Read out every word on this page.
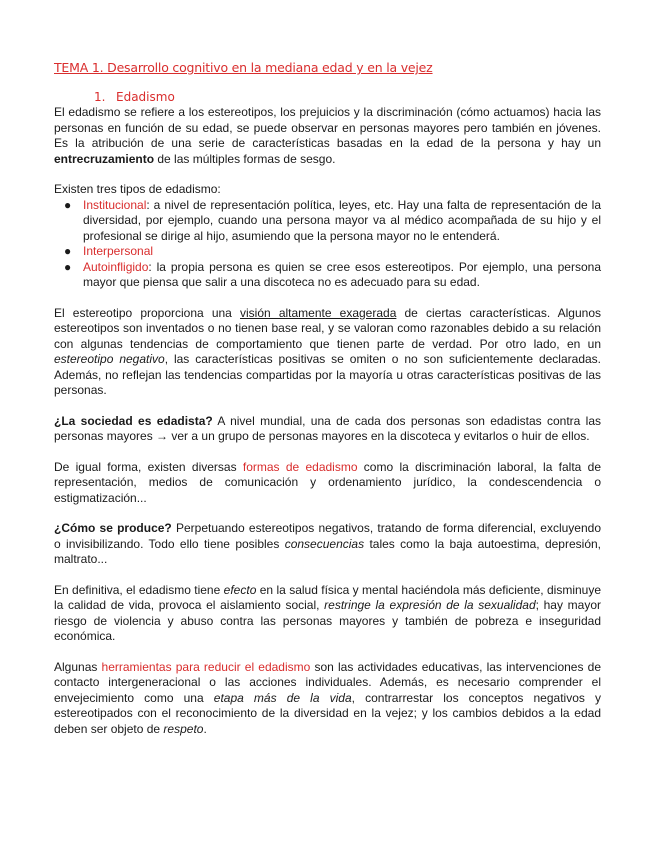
TEMA 1. Desarrollo cognitivo en la mediana edad y en la vejez
1. Edadismo

El edadismo se refiere a los estereotipos, los prejuicios y la discriminación (cómo actuamos) hacia las personas en función de su edad, se puede observar en personas mayores pero también en jóvenes. Es la atribución de una serie de características basadas en la edad de la persona y hay un entrecruzamiento de las múltiples formas de sesgo.

Existen tres tipos de edadismo:

● Institucional: a nivel de representación política, leyes, etc. Hay una falta de representación de la diversidad, por ejemplo, cuando una persona mayor va al médico acompañada de su hijo y el profesional se dirige al hijo, asumiendo que la persona mayor no le entenderá.
● Interpersonal
● Autoinfligido: la propia persona es quien se cree esos estereotipos. Por ejemplo, una persona mayor que piensa que salir a una discoteca no es adecuado para su edad.

El estereotipo proporciona una visión altamente exagerada de ciertas características. Algunos estereotipos son inventados o no tienen base real, y se valoran como razonables debido a su relación con algunas tendencias de comportamiento que tienen parte de verdad. Por otro lado, en un estereotipo negativo, las características positivas se omiten o no son suficientemente declaradas. Además, no reflejan las tendencias compartidas por la mayoría u otras características positivas de las personas.

¿La sociedad es edadista? A nivel mundial, una de cada dos personas son edadistas contra las personas mayores → ver a un grupo de personas mayores en la discoteca y evitarlos o huir de ellos.

De igual forma, existen diversas formas de edadismo como la discriminación laboral, la falta de representación, medios de comunicación y ordenamiento jurídico, la condescendencia o estigmatización...

¿Cómo se produce? Perpetuando estereotipos negativos, tratando de forma diferencial, excluyendo o invisibilizando. Todo ello tiene posibles consecuencias tales como la baja autoestima, depresión, maltrato...

En definitiva, el edadismo tiene efecto en la salud física y mental haciéndola más deficiente, disminuye la calidad de vida, provoca el aislamiento social, restringe la expresión de la sexualidad; hay mayor riesgo de violencia y abuso contra las personas mayores y también de pobreza e inseguridad económica.

Algunas herramientas para reducir el edadismo son las actividades educativas, las intervenciones de contacto intergeneracional o las acciones individuales. Además, es necesario comprender el envejecimiento como una etapa más de la vida, contrarrestar los conceptos negativos y estereotipados con el reconocimiento de la diversidad en la vejez; y los cambios debidos a la edad deben ser objeto de respeto.
